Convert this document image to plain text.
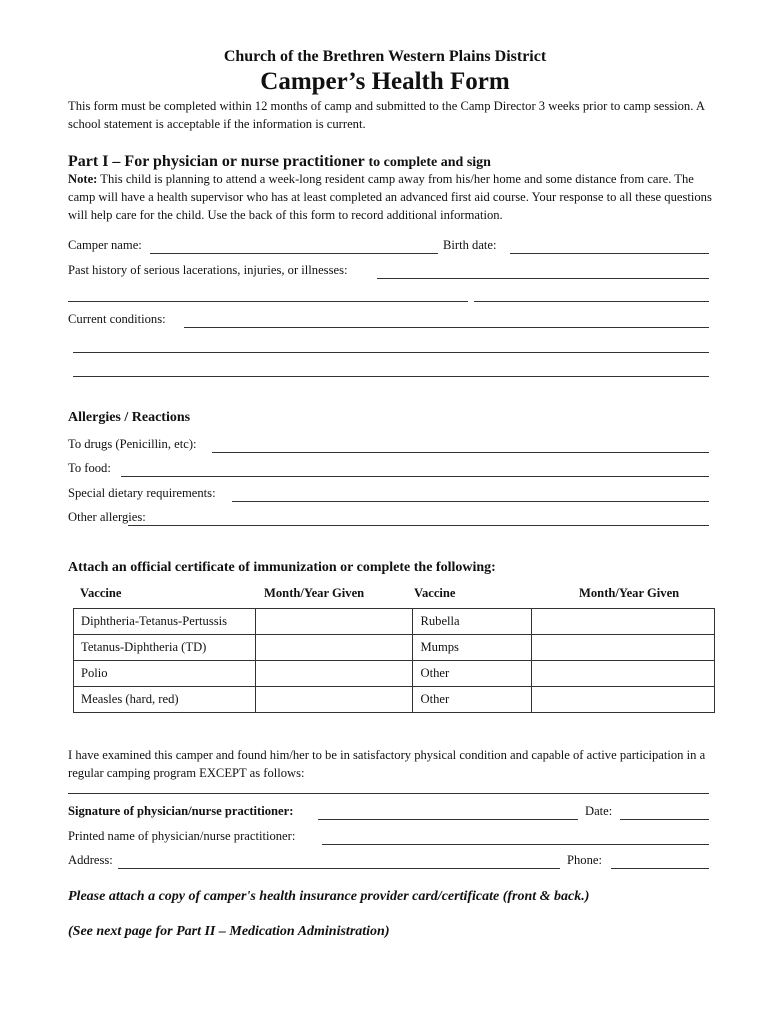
Church of the Brethren Western Plains District
Camper’s Health Form
This form must be completed within 12 months of camp and submitted to the Camp Director 3 weeks prior to camp session. A school statement is acceptable if the information is current.
Part I – For physician or nurse practitioner to complete and sign
Note: This child is planning to attend a week-long resident camp away from his/her home and some distance from care. The camp will have a health supervisor who has at least completed an advanced first aid course. Your response to all these questions will help care for the child. Use the back of this form to record additional information.
Camper name:	Birth date:
Past history of serious lacerations, injuries, or illnesses:
Current conditions:
Allergies / Reactions
To drugs (Penicillin, etc):
To food:
Special dietary requirements:
Other allergies:
Attach an official certificate of immunization or complete the following:
Vaccine	Month/Year Given	Vaccine	Month/Year Given
Diphtheria-Tetanus-Pertussis		Rubella	
Tetanus-Diphtheria (TD)		Mumps	
Polio		Other	
Measles (hard, red)		Other	
I have examined this camper and found him/her to be in satisfactory physical condition and capable of active participation in a regular camping program EXCEPT as follows:
Signature of physician/nurse practitioner:	Date:
Printed name of physician/nurse practitioner:
Address:	Phone:
Please attach a copy of camper's health insurance provider card/certificate (front & back.)
(See next page for Part II – Medication Administration)
